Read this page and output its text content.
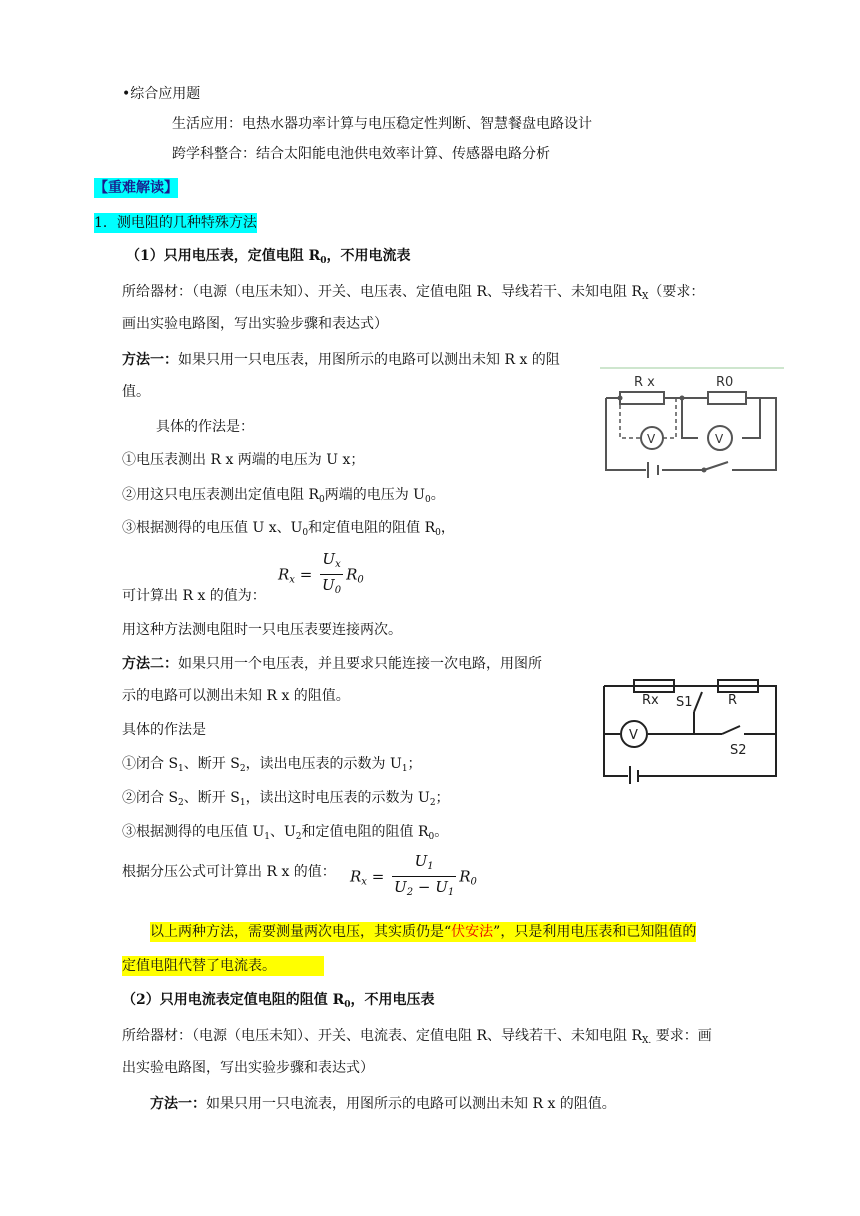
•综合应用题
生活应用：电热水器功率计算与电压稳定性判断、智慧餐盘电路设计
跨学科整合：结合太阳能电池供电效率计算、传感器电路分析
【重难解读】
1．测电阻的几种特殊方法
（1）只用电压表，定值电阻 $R_0$，不用电流表
所给器材：（电源（电压未知）、开关、电压表、定值电阻 R、导线若干、未知电阻 $R_X$（要求：
画出实验电路图，写出实验步骤和表达式）
方法一：如果只用一只电压表，用图所示的电路可以测出未知 R x 的阻
值。
具体的作法是：
①电压表测出 R x 两端的电压为 U x；
②用这只电压表测出定值电阻 $R_0$两端的电压为 $U_0$。
③根据测得的电压值 U x、$U_0$和定值电阻的阻值 $R_0$，
$R_x = \frac{U_x}{U_0} R_0$
可计算出 R x 的值为：
用这种方法测电阻时一只电压表要连接两次。
方法二：如果只用一个电压表，并且要求只能连接一次电路，用图所
示的电路可以测出未知 R x 的阻值。
具体的作法是
①闭合 $S_1$、断开 $S_2$，读出电压表的示数为 $U_1$；
②闭合 $S_2$、断开 $S_1$，读出这时电压表的示数为 $U_2$；
③根据测得的电压值 $U_1$、$U_2$和定值电阻的阻值 $R_0$。
$R_x = \frac{U_1}{U_2 - U_1} R_0$
根据分压公式可计算出 R x 的值：
以上两种方法，需要测量两次电压，其实质仍是“伏安法”，只是利用电压表和已知阻值的
定值电阻代替了电流表。
（2）只用电流表定值电阻的阻值 $R_0$，不用电压表
所给器材：（电源（电压未知）、开关、电流表、定值电阻 R、导线若干、未知电阻 $R_{X.}$ 要求：画
出实验电路图，写出实验步骤和表达式）
方法一：如果只用一只电流表，用图所示的电路可以测出未知 R x 的阻值。
R x	R0
V	V
Rx S1	R
V
S2
